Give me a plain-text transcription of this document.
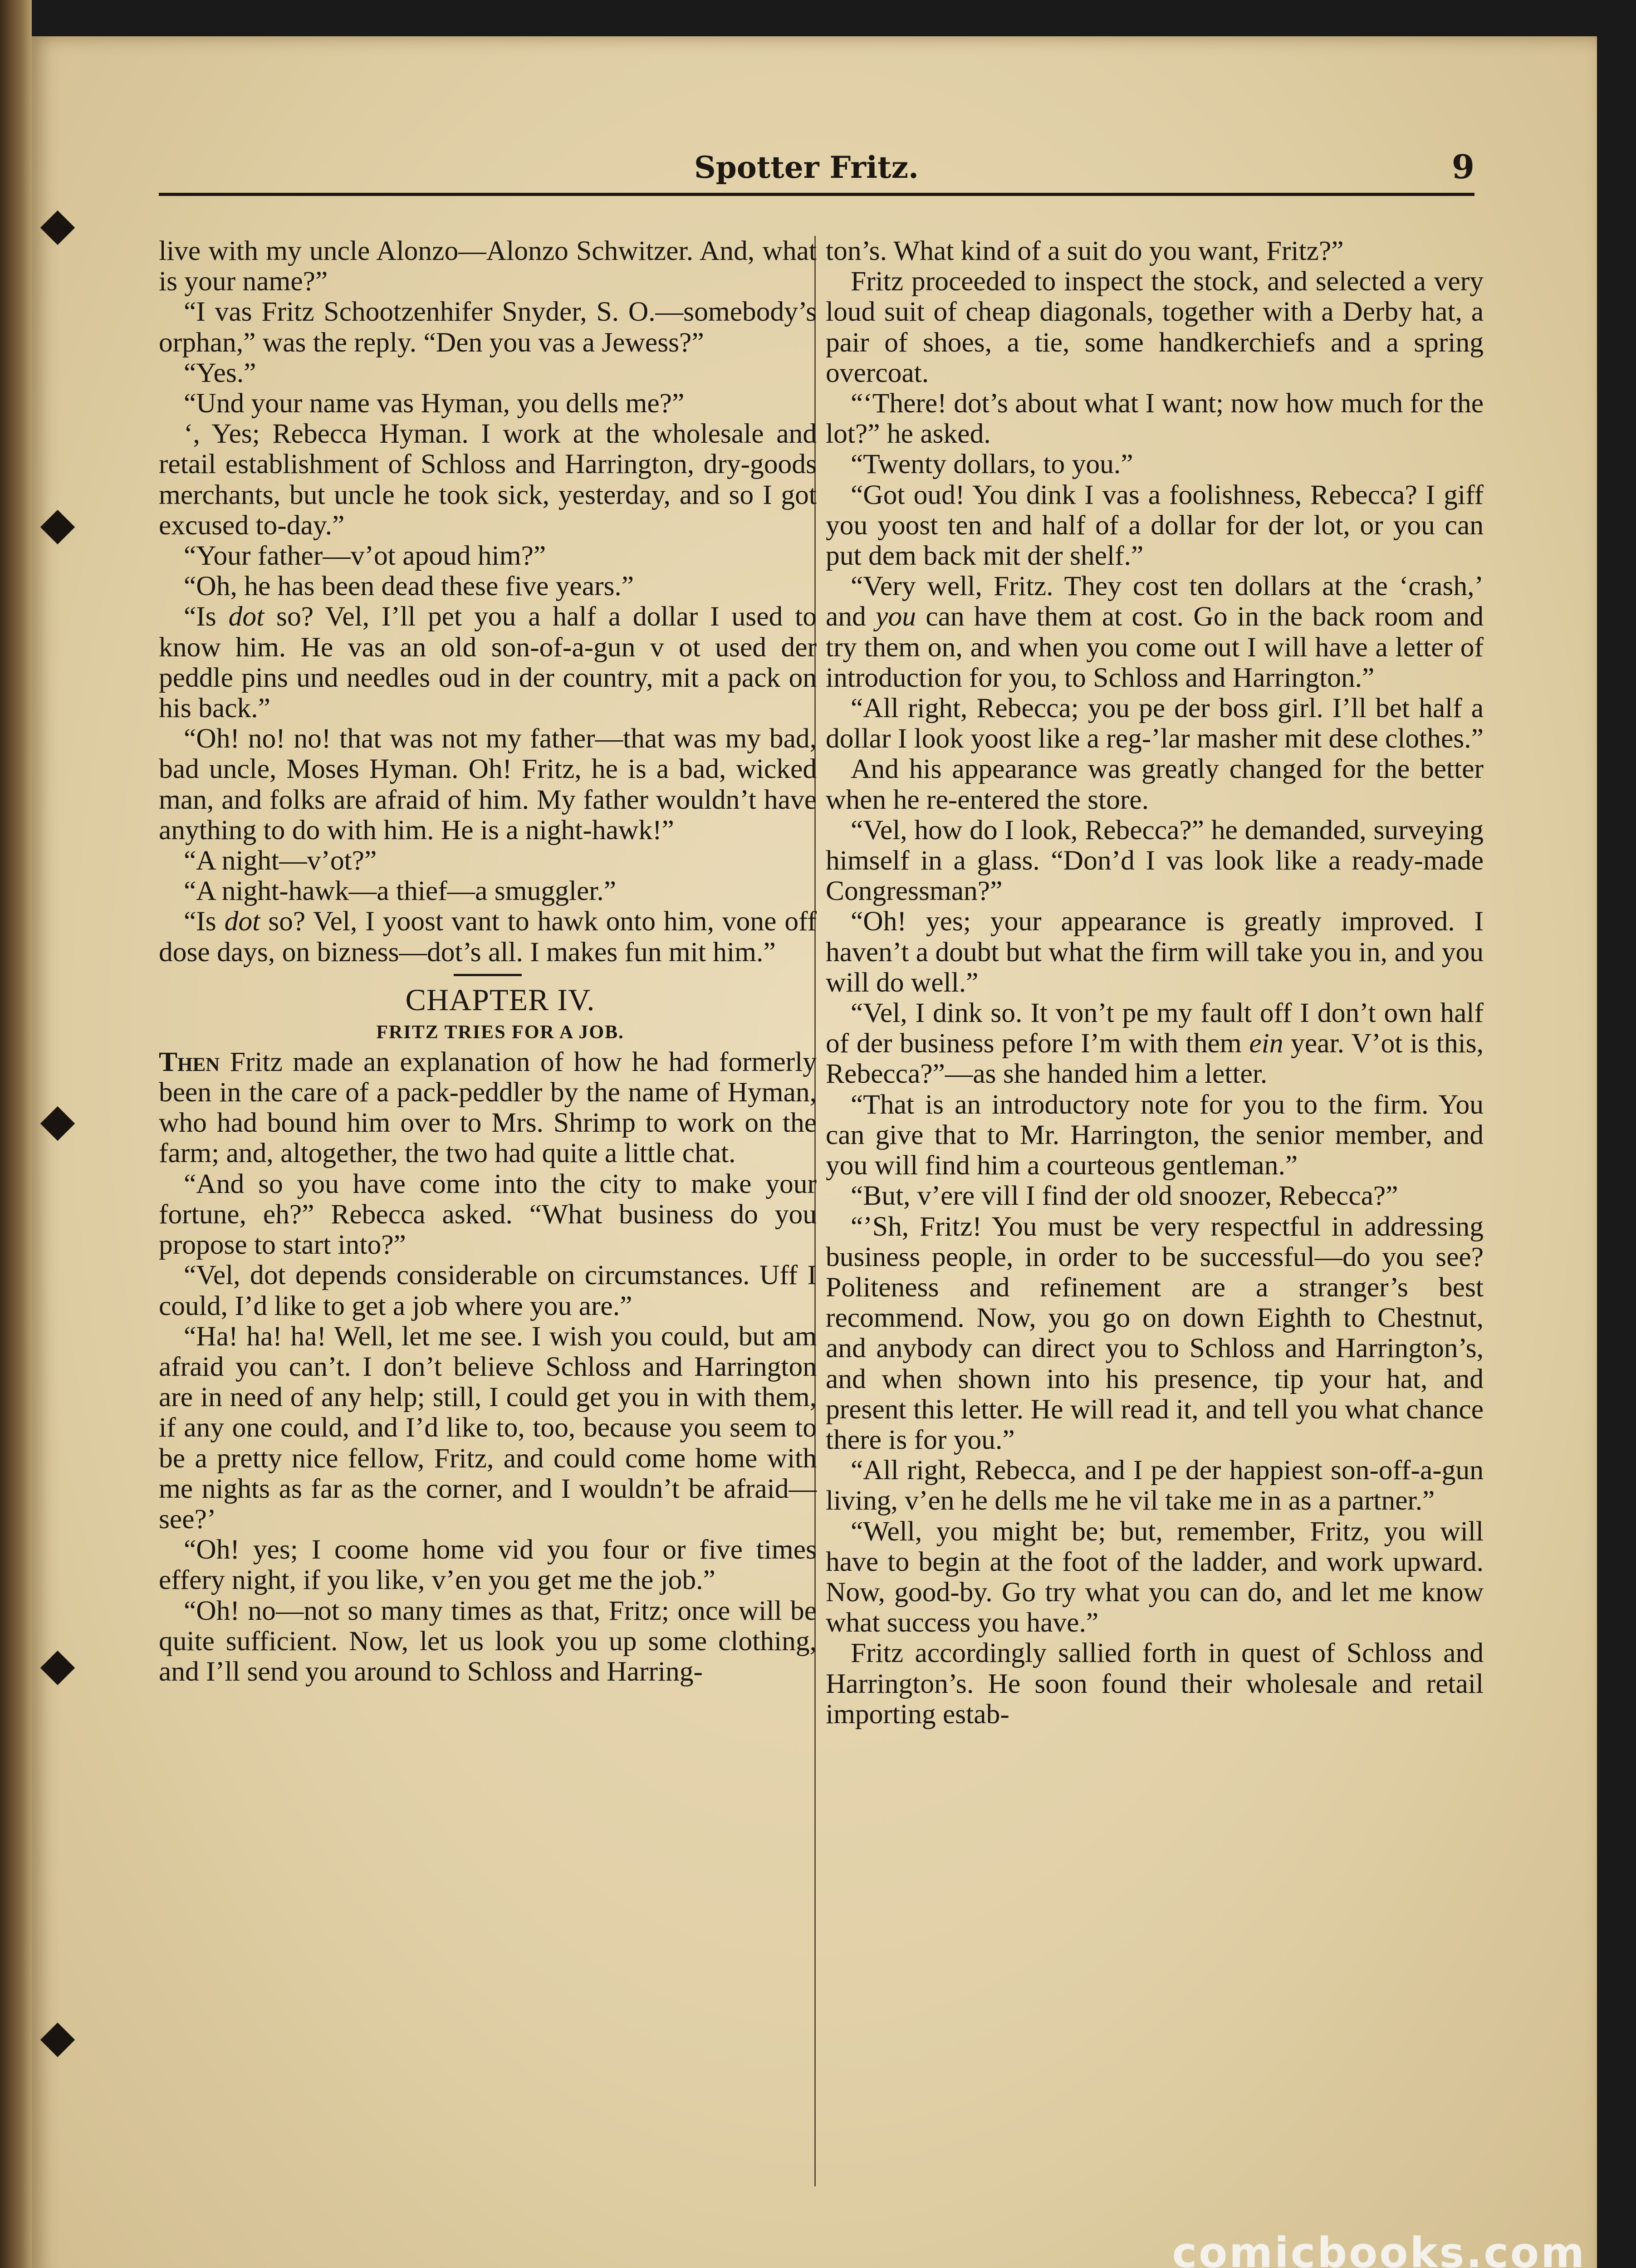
Spotter Fritz.	9

live with my uncle Alonzo—Alonzo Schwitzer. And, what is your name?”

“I vas Fritz Schootzenhifer Snyder, S. O.—somebody’s orphan,” was the reply. “Den you vas a Jewess?”

“Yes.”

“Und your name vas Hyman, you dells me?”

‘, Yes; Rebecca Hyman. I work at the wholesale and retail establishment of Schloss and Harrington, dry-goods merchants, but uncle he took sick, yesterday, and so I got excused to-day.”

“Your father—v’ot apoud him?”

“Oh, he has been dead these five years.”

“Is dot so? Vel, I’ll pet you a half a dollar I used to know him. He vas an old son-of-a-gun v ot used der peddle pins und needles oud in der country, mit a pack on his back.”

“Oh! no! no! that was not my father—that was my bad, bad uncle, Moses Hyman. Oh! Fritz, he is a bad, wicked man, and folks are afraid of him. My father wouldn’t have anything to do with him. He is a night-hawk!”

“A night—v’ot?”

“A night-hawk—a thief—a smuggler.”

“Is dot so? Vel, I yoost vant to hawk onto him, vone off dose days, on bizness—dot’s all. I makes fun mit him.”

CHAPTER IV.

FRITZ TRIES FOR A JOB.

Then Fritz made an explanation of how he had formerly been in the care of a pack-peddler by the name of Hyman, who had bound him over to Mrs. Shrimp to work on the farm; and, altogether, the two had quite a little chat.

“And so you have come into the city to make your fortune, eh?” Rebecca asked. “What business do you propose to start into?”

“Vel, dot depends considerable on circumstances. Uff I could, I’d like to get a job where you are.”

“Ha! ha! ha! Well, let me see. I wish you could, but am afraid you can’t. I don’t believe Schloss and Harrington are in need of any help; still, I could get you in with them, if any one could, and I’d like to, too, because you seem to be a pretty nice fellow, Fritz, and could come home with me nights as far as the corner, and I wouldn’t be afraid—see?’

“Oh! yes; I coome home vid you four or five times effery night, if you like, v’en you get me the job.”

“Oh! no—not so many times as that, Fritz; once will be quite sufficient. Now, let us look you up some clothing, and I’ll send you around to Schloss and Harring-

ton’s. What kind of a suit do you want, Fritz?”

Fritz proceeded to inspect the stock, and selected a very loud suit of cheap diagonals, together with a Derby hat, a pair of shoes, a tie, some handkerchiefs and a spring overcoat.

“‘There! dot’s about what I want; now how much for the lot?” he asked.

“Twenty dollars, to you.”

“Got oud! You dink I vas a foolishness, Rebecca? I giff you yoost ten and half of a dollar for der lot, or you can put dem back mit der shelf.”

“Very well, Fritz. They cost ten dollars at the ‘crash,’ and you can have them at cost. Go in the back room and try them on, and when you come out I will have a letter of introduction for you, to Schloss and Harrington.”

“All right, Rebecca; you pe der boss girl. I’ll bet half a dollar I look yoost like a reg-’lar masher mit dese clothes.”

And his appearance was greatly changed for the better when he re-entered the store.

“Vel, how do I look, Rebecca?” he demanded, surveying himself in a glass. “Don’d I vas look like a ready-made Congressman?”

“Oh! yes; your appearance is greatly improved. I haven’t a doubt but what the firm will take you in, and you will do well.”

“Vel, I dink so. It von’t pe my fault off I don’t own half of der business pefore I’m with them ein year. V’ot is this, Rebecca?”—as she handed him a letter.

“That is an introductory note for you to the firm. You can give that to Mr. Harrington, the senior member, and you will find him a courteous gentleman.”

“But, v’ere vill I find der old snoozer, Rebecca?”

“’Sh, Fritz! You must be very respectful in addressing business people, in order to be successful—do you see? Politeness and refinement are a stranger’s best recommend. Now, you go on down Eighth to Chestnut, and anybody can direct you to Schloss and Harrington’s, and when shown into his presence, tip your hat, and present this letter. He will read it, and tell you what chance there is for you.”

“All right, Rebecca, and I pe der happiest son-off-a-gun living, v’en he dells me he vil take me in as a partner.”

“Well, you might be; but, remember, Fritz, you will have to begin at the foot of the ladder, and work upward. Now, good-by. Go try what you can do, and let me know what success you have.”

Fritz accordingly sallied forth in quest of Schloss and Harrington’s. He soon found their wholesale and retail importing estab-

comicbooks.com
